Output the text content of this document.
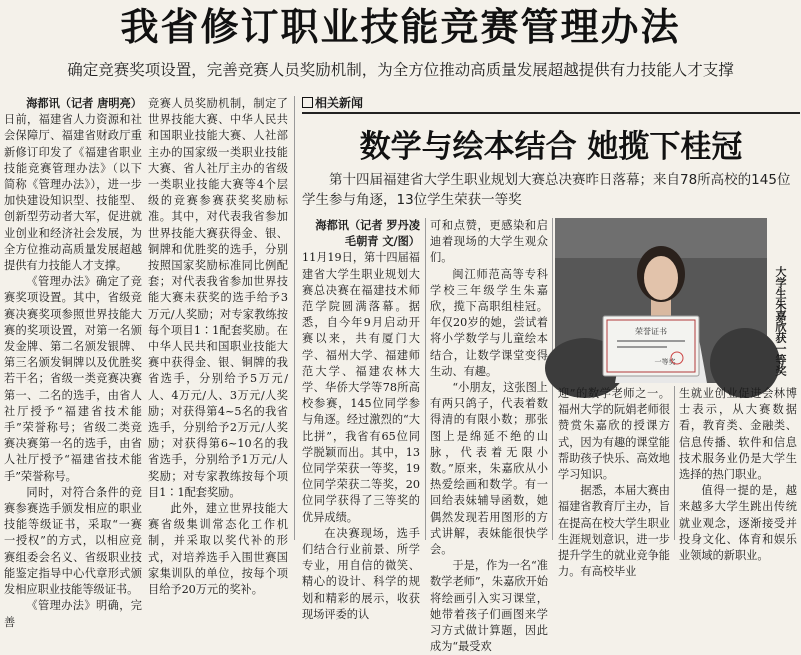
我省修订职业技能竞赛管理办法
确定竞赛奖项设置，完善竞赛人员奖励机制，为全方位推动高质量发展超越提供有力技能人才支撑

海都讯（记者 唐明亮）

日前，福建省人力资源和社会保障厅、福建省财政厅重新修订印发了《福建省职业技能竞赛管理办法》（以下简称《管理办法》），进一步加快建设知识型、技能型、创新型劳动者大军，促进就业创业和经济社会发展，为全方位推动高质量发展超越提供有力技能人才支撑。

《管理办法》确定了竞赛奖项设置。其中，省级竞赛决赛奖项参照世界技能大赛的奖项设置，对第一名颁发金牌、第二名颁发银牌、第三名颁发铜牌以及优胜奖若干名；省级一类竞赛决赛第一、二名的选手，由省人社厅授予“福建省技术能手”荣誉称号；省级二类竞赛决赛第一名的选手，由省人社厅授予“福建省技术能手”荣誉称号。

同时，对符合条件的竞赛参赛选手颁发相应的职业技能等级证书，采取“一赛一授权”的方式，以相应竞赛组委会名义、省级职业技能鉴定指导中心代章形式颁发相应职业技能等级证书。

《管理办法》明确，完善

竞赛人员奖励机制，制定了世界技能大赛、中华人民共和国职业技能大赛、人社部主办的国家级一类职业技能大赛、省人社厅主办的省级一类职业技能大赛等4个层级的竞赛参赛获奖奖励标准。其中，对代表我省参加世界技能大赛获得金、银、铜牌和优胜奖的选手，分别按照国家奖励标准同比例配套；对代表我省参加世界技能大赛未获奖的选手给予3万元/人奖励；对专家教练按每个项目1∶1配套奖励。在中华人民共和国职业技能大赛中获得金、银、铜牌的我省选手，分别给予5万元/人、4万元/人、3万元/人奖励；对获得第4~5名的我省选手，分别给予2万元/人奖励；对获得第6~10名的我省选手，分别给予1万元/人奖励；对专家教练按每个项目1∶1配套奖励。

此外，建立世界技能大赛省级集训常态化工作机制，并采取以奖代补的形式，对培养选手入围世赛国家集训队的单位，按每个项目给予20万元的奖补。

相关新闻
数学与绘本结合 她揽下桂冠
第十四届福建省大学生职业规划大赛总决赛昨日落幕；来自78所高校的145位学生参与角逐，13位学生荣获一等奖

海都讯（记者 罗丹凌 毛朝青 文/图）

11月19日，第十四届福建省大学生职业规划大赛总决赛在福建技术师范学院圆满落幕。据悉，自今年9月启动开赛以来，共有厦门大学、福州大学、福建师范大学、福建农林大学、华侨大学等78所高校参赛，145位同学参与角逐。经过激烈的“大比拼”，我省有65位同学脱颖而出。其中，13位同学荣获一等奖，19位同学荣获二等奖，20位同学获得了三等奖的优异成绩。

在决赛现场，选手们结合行业前景、所学专业，用自信的微笑、精心的设计、科学的规划和精彩的展示，收获现场评委的认

可和点赞，更感染和启迪着现场的大学生观众们。

闽江师范高等专科学校三年级学生朱嘉欣，揽下高职组桂冠。年仅20岁的她，尝试着将小学数学与儿童绘本结合，让数学课堂变得生动、有趣。

“小朋友，这张图上有两只鸽子，代表着数得清的有限小数；那张图上是绵延不绝的山脉，代表着无限小数。”原来，朱嘉欣从小热爱绘画和数学。有一回给表妹辅导函数，她偶然发现若用图形的方式讲解，表妹能很快学会。

于是，作为一名“准数学老师”，朱嘉欣开始将绘画引入实习课堂，她带着孩子们画图来学习方式做计算题，因此成为“最受欢

荣誉证书
一等奖	大学生朱嘉欣获一等奖

迎”的数学老师之一。福州大学的阮娟老师很赞赏朱嘉欣的授课方式，因为有趣的课堂能帮助孩子快乐、高效地学习知识。

据悉，本届大赛由福建省教育厅主办，旨在提高在校大学生职业生涯规划意识，进一步提升学生的就业竞争能力。有高校毕业

生就业创业促进会林博士表示，从大赛数据看，教育类、金融类、信息传播、软件和信息技术服务业仍是大学生选择的热门职业。

值得一提的是，越来越多大学生跳出传统就业观念，逐渐接受并投身文化、体育和娱乐业领域的新职业。
